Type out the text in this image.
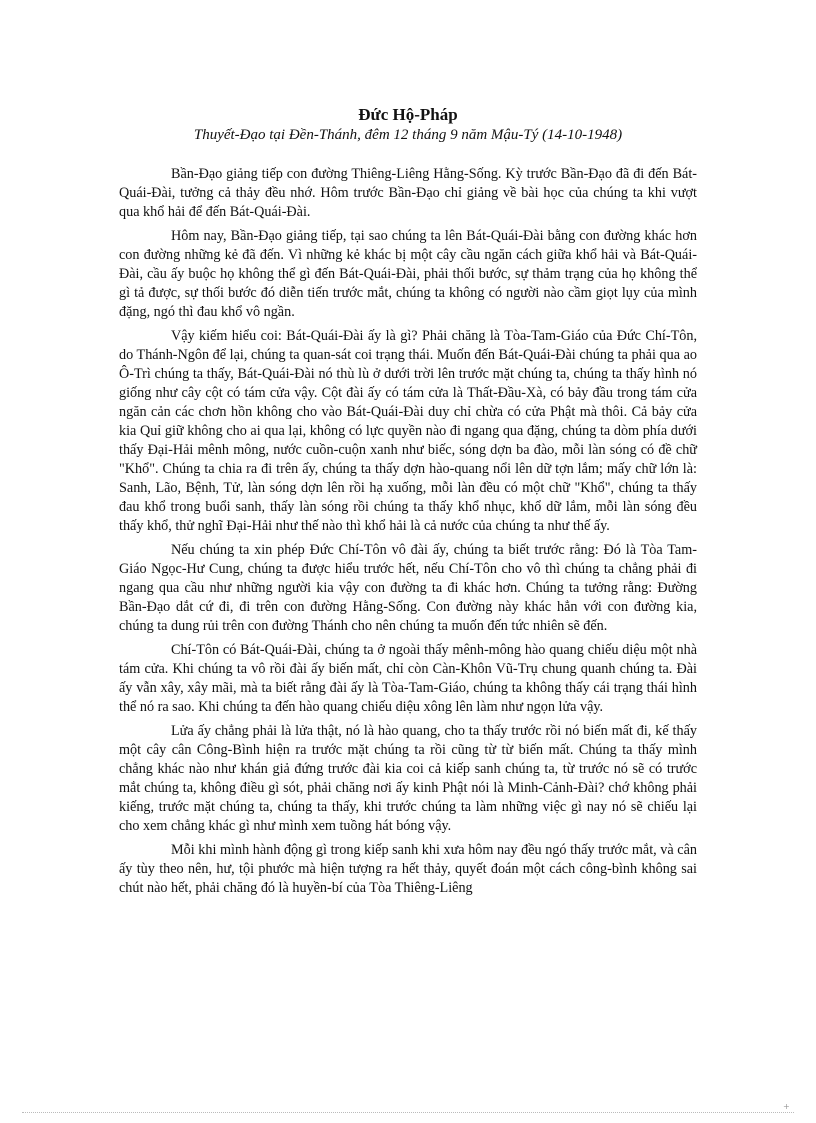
Đức Hộ-Pháp
Thuyết-Đạo tại Đền-Thánh, đêm 12 tháng 9 năm Mậu-Tý (14-10-1948)

Bần-Đạo giảng tiếp con đường Thiêng-Liêng Hằng-Sống. Kỳ trước Bần-Đạo đã đi đến Bát-Quái-Đài, tưởng cả thảy đều nhớ. Hôm trước Bần-Đạo chỉ giảng về bài học của chúng ta khi vượt qua khổ hải để đến Bát-Quái-Đài.

Hôm nay, Bần-Đạo giảng tiếp, tại sao chúng ta lên Bát-Quái-Đài bằng con đường khác hơn con đường những kẻ đã đến. Vì những kẻ khác bị một cây cầu ngăn cách giữa khổ hải và Bát-Quái-Đài, cầu ấy buộc họ không thể gì đến Bát-Quái-Đài, phải thối bước, sự thảm trạng của họ không thể gì tả được, sự thối bước đó diễn tiến trước mắt, chúng ta không có người nào cầm giọt lụy của mình đặng, ngó thì đau khổ vô ngần.

Vậy kiếm hiểu coi: Bát-Quái-Đài ấy là gì? Phải chăng là Tòa-Tam-Giáo của Đức Chí-Tôn, do Thánh-Ngôn để lại, chúng ta quan-sát coi trạng thái. Muốn đến Bát-Quái-Đài chúng ta phải qua ao Ô-Trì chúng ta thấy, Bát-Quái-Đài nó thù lù ở dưới trời lên trước mặt chúng ta, chúng ta thấy hình nó giống như cây cột có tám cửa vậy. Cột đài ấy có tám cửa là Thất-Đầu-Xà, có bảy đầu trong tám cửa ngăn cản các chơn hồn không cho vào Bát-Quái-Đài duy chỉ chừa có cửa Phật mà thôi. Cả bảy cửa kia Quỉ giữ không cho ai qua lại, không có lực quyền nào đi ngang qua đặng, chúng ta dòm phía dưới thấy Đại-Hải mênh mông, nước cuồn-cuộn xanh như biếc, sóng dợn ba đào, mỗi làn sóng có đề chữ "Khổ". Chúng ta chia ra đi trên ấy, chúng ta thấy dợn hào-quang nổi lên dữ tợn lắm; mấy chữ lớn là: Sanh, Lão, Bệnh, Tử, làn sóng dợn lên rồi hạ xuống, mỗi làn đều có một chữ "Khổ", chúng ta thấy đau khổ trong buổi sanh, thấy làn sóng rồi chúng ta thấy khổ nhục, khổ dữ lắm, mỗi làn sóng đều thấy khổ, thử nghĩ Đại-Hải như thế nào thì khổ hải là cả nước của chúng ta như thế ấy.

Nếu chúng ta xin phép Đức Chí-Tôn vô đài ấy, chúng ta biết trước rằng: Đó là Tòa Tam-Giáo Ngọc-Hư Cung, chúng ta được hiểu trước hết, nếu Chí-Tôn cho vô thì chúng ta chẳng phải đi ngang qua cầu như những người kia vậy con đường ta đi khác hơn. Chúng ta tưởng rằng: Đường Bần-Đạo dắt cứ đi, đi trên con đường Hằng-Sống. Con đường này khác hẳn với con đường kia, chúng ta dung rủi trên con đường Thánh cho nên chúng ta muốn đến tức nhiên sẽ đến.

Chí-Tôn có Bát-Quái-Đài, chúng ta ở ngoài thấy mênh-mông hào quang chiếu diệu một nhà tám cửa. Khi chúng ta vô rồi đài ấy biến mất, chỉ còn Càn-Khôn Vũ-Trụ chung quanh chúng ta. Đài ấy vẫn xây, xây mãi, mà ta biết rằng đài ấy là Tòa-Tam-Giáo, chúng ta không thấy cái trạng thái hình thể nó ra sao. Khi chúng ta đến hào quang chiếu diệu xông lên làm như ngọn lửa vậy.

Lửa ấy chẳng phải là lửa thật, nó là hào quang, cho ta thấy trước rồi nó biến mất đi, kế thấy một cây cân Công-Bình hiện ra trước mặt chúng ta rồi cũng từ từ biến mất. Chúng ta thấy mình chẳng khác nào như khán giả đứng trước đài kia coi cả kiếp sanh chúng ta, từ trước nó sẽ có trước mắt chúng ta, không điều gì sót, phải chăng nơi ấy kinh Phật nói là Minh-Cảnh-Đài? chớ không phải kiếng, trước mặt chúng ta, chúng ta thấy, khi trước chúng ta làm những việc gì nay nó sẽ chiếu lại cho xem chẳng khác gì như mình xem tuồng hát bóng vậy.

Mỗi khi mình hành động gì trong kiếp sanh khi xưa hôm nay đều ngó thấy trước mắt, và cân ấy tùy theo nên, hư, tội phước mà hiện tượng ra hết thảy, quyết đoán một cách công-bình không sai chút nào hết, phải chăng đó là huyền-bí của Tòa Thiêng-Liêng

+
